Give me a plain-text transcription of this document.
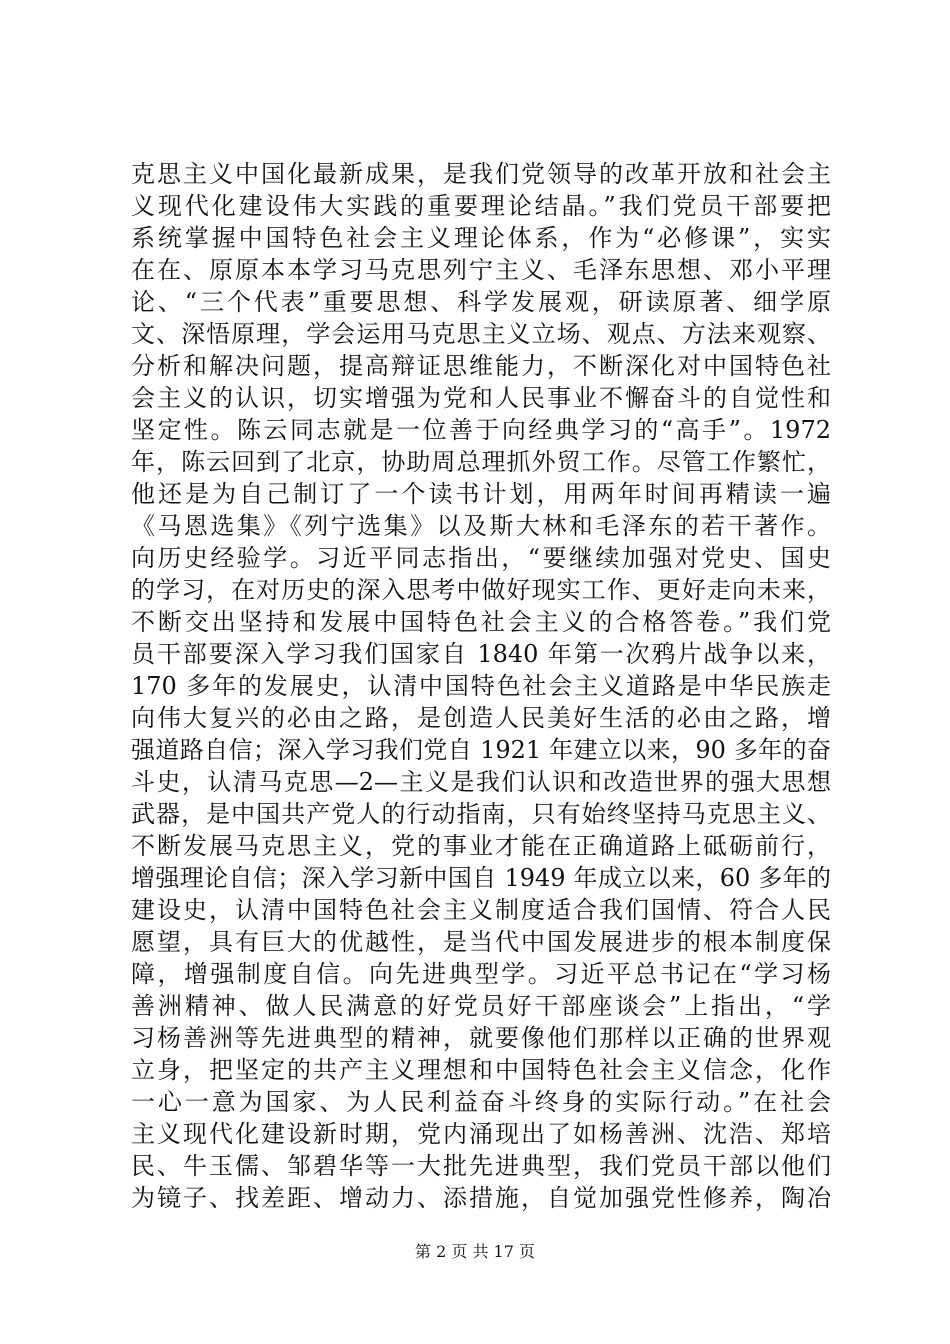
克思主义中国化最新成果，是我们党领导的改革开放和社会主
义现代化建设伟大实践的重要理论结晶。”我们党员干部要把
系统掌握中国特色社会主义理论体系，作为“必修课”，实实
在在、原原本本学习马克思列宁主义、毛泽东思想、邓小平理
论、“三个代表”重要思想、科学发展观，研读原著、细学原
文、深悟原理，学会运用马克思主义立场、观点、方法来观察、
分析和解决问题，提高辩证思维能力，不断深化对中国特色社
会主义的认识，切实增强为党和人民事业不懈奋斗的自觉性和
坚定性。陈云同志就是一位善于向经典学习的“高手”。1972
年，陈云回到了北京，协助周总理抓外贸工作。尽管工作繁忙，
他还是为自己制订了一个读书计划，用两年时间再精读一遍
《马恩选集》《列宁选集》以及斯大林和毛泽东的若干著作。
向历史经验学。习近平同志指出，“要继续加强对党史、国史
的学习，在对历史的深入思考中做好现实工作、更好走向未来，
不断交出坚持和发展中国特色社会主义的合格答卷。”我们党
员干部要深入学习我们国家自 1840 年第一次鸦片战争以来，
170 多年的发展史，认清中国特色社会主义道路是中华民族走
向伟大复兴的必由之路，是创造人民美好生活的必由之路，增
强道路自信；深入学习我们党自 1921 年建立以来，90 多年的奋
斗史，认清马克思—2—主义是我们认识和改造世界的强大思想
武器，是中国共产党人的行动指南，只有始终坚持马克思主义、
不断发展马克思主义，党的事业才能在正确道路上砥砺前行，
增强理论自信；深入学习新中国自 1949 年成立以来，60 多年的
建设史，认清中国特色社会主义制度适合我们国情、符合人民
愿望，具有巨大的优越性，是当代中国发展进步的根本制度保
障，增强制度自信。向先进典型学。习近平总书记在“学习杨
善洲精神、做人民满意的好党员好干部座谈会”上指出，“学
习杨善洲等先进典型的精神，就要像他们那样以正确的世界观
立身，把坚定的共产主义理想和中国特色社会主义信念，化作
一心一意为国家、为人民利益奋斗终身的实际行动。”在社会
主义现代化建设新时期，党内涌现出了如杨善洲、沈浩、郑培
民、牛玉儒、邹碧华等一大批先进典型，我们党员干部以他们
为镜子、找差距、增动力、添措施，自觉加强党性修养，陶冶
第 2 页 共 17 页
